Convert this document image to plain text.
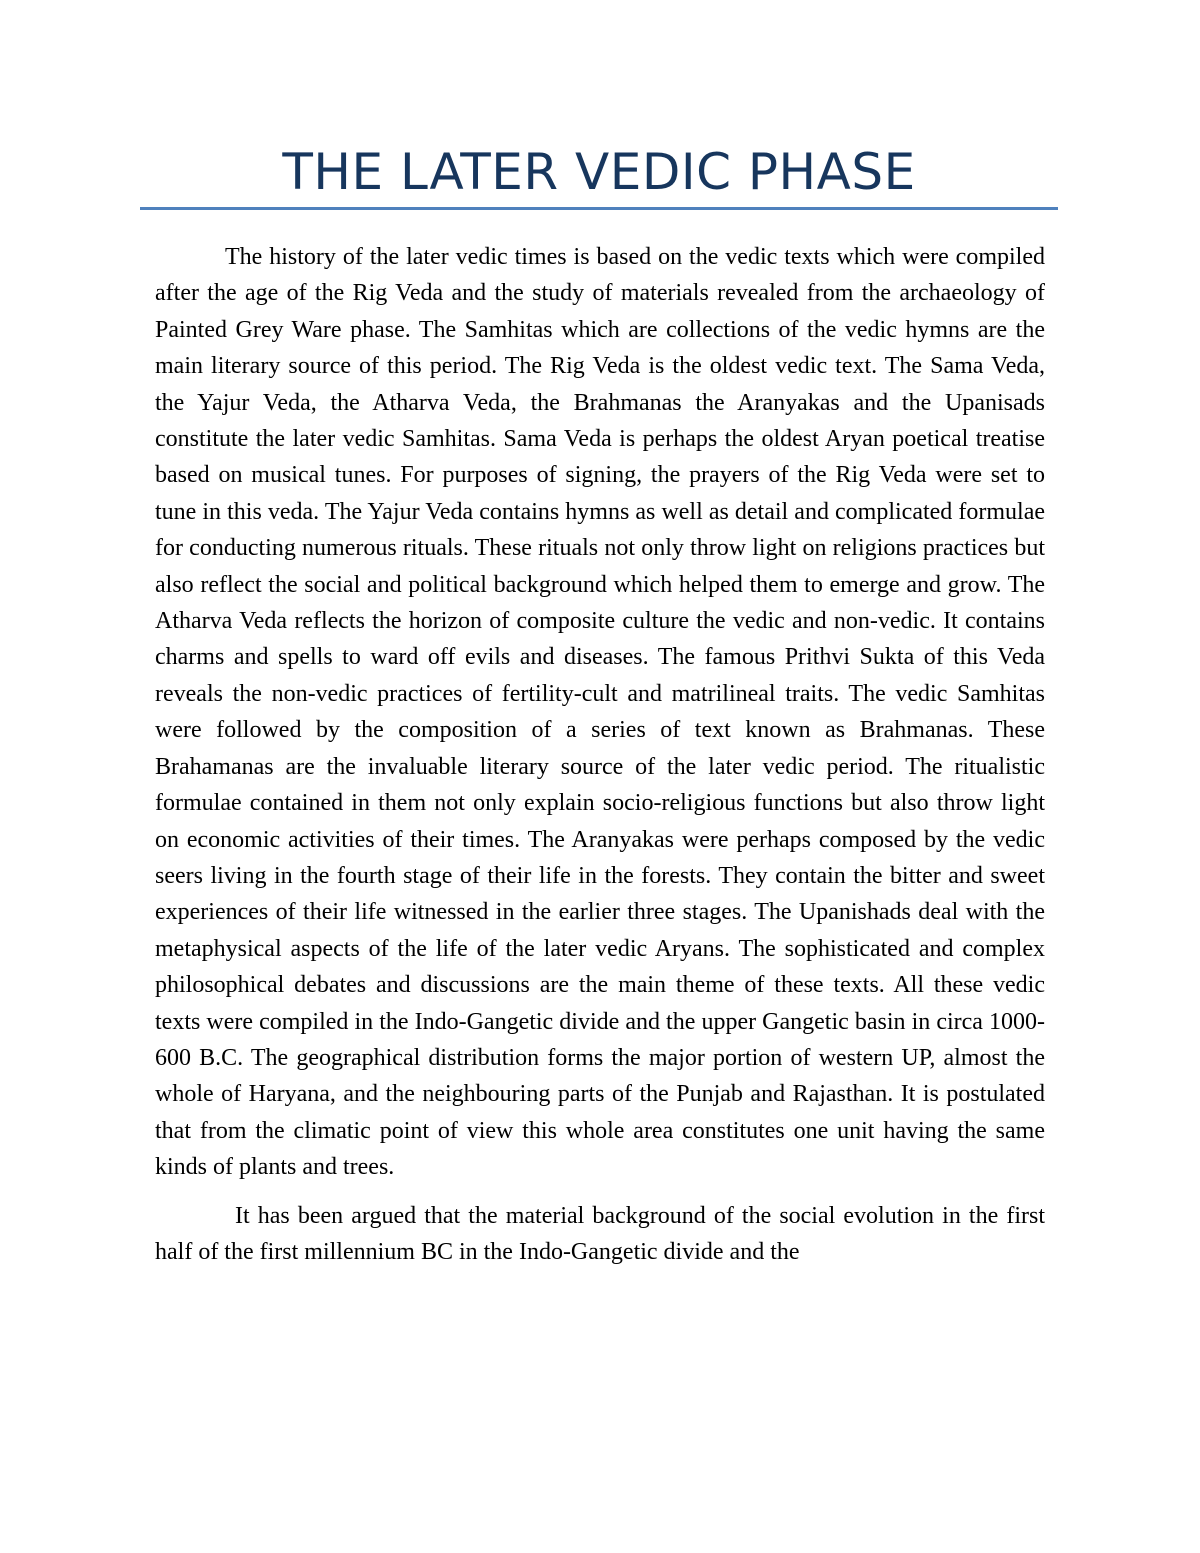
THE LATER VEDIC PHASE

The history of the later vedic times is based on the vedic texts which were compiled after the age of the Rig Veda and the study of materials revealed from the archaeology of Painted Grey Ware phase. The Samhitas which are collections of the vedic hymns are the main literary source of this period. The Rig Veda is the oldest vedic text. The Sama Veda, the Yajur Veda, the Atharva Veda, the Brahmanas the Aranyakas and the Upanisads constitute the later vedic Samhitas. Sama Veda is perhaps the oldest Aryan poetical treatise based on musical tunes. For purposes of signing, the prayers of the Rig Veda were set to tune in this veda. The Yajur Veda contains hymns as well as detail and complicated formulae for conducting numerous rituals. These rituals not only throw light on religions practices but also reflect the social and political background which helped them to emerge and grow. The Atharva Veda reflects the horizon of composite culture the vedic and non-vedic. It contains charms and spells to ward off evils and diseases. The famous Prithvi Sukta of this Veda reveals the non-vedic practices of fertility-cult and matrilineal traits. The vedic Samhitas were followed by the composition of a series of text known as Brahmanas. These Brahamanas are the invaluable literary source of the later vedic period. The ritualistic formulae contained in them not only explain socio-religious functions but also throw light on economic activities of their times. The Aranyakas were perhaps composed by the vedic seers living in the fourth stage of their life in the forests. They contain the bitter and sweet experiences of their life witnessed in the earlier three stages. The Upanishads deal with the metaphysical aspects of the life of the later vedic Aryans. The sophisticated and complex philosophical debates and discussions are the main theme of these texts. All these vedic texts were compiled in the Indo-Gangetic divide and the upper Gangetic basin in circa 1000-600 B.C. The geographical distribution forms the major portion of western UP, almost the whole of Haryana, and the neighbouring parts of the Punjab and Rajasthan. It is postulated that from the climatic point of view this whole area constitutes one unit having the same kinds of plants and trees.

It has been argued that the material background of the social evolution in the first half of the first millennium BC in the Indo-Gangetic divide and the
